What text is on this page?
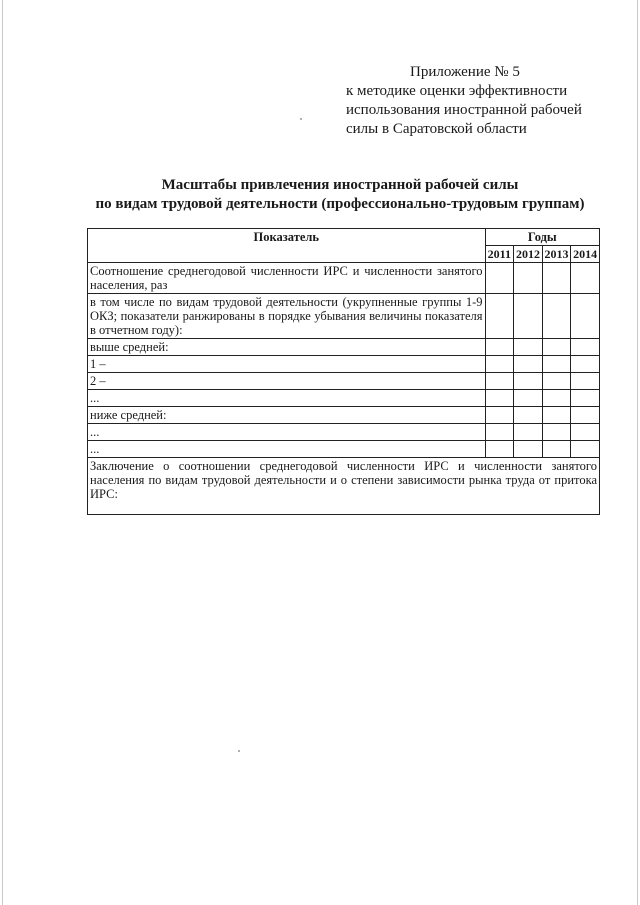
Приложение № 5
к методике оценки эффективности
использования иностранной рабочей
силы в Саратовской области
Масштабы привлечения иностранной рабочей силы
по видам трудовой деятельности (профессионально-трудовым группам)
Показатель	Годы			
	2011	2012	2013	2014
Соотношение среднегодовой численности ИРС и численности занятого населения, раз				
в том числе по видам трудовой деятельности (укрупненные группы 1-9 ОКЗ; показатели ранжированы в порядке убывания величины показателя в отчетном году):				
выше средней:				
1 –				
2 –				
...				
ниже средней:				
...				
...				
Заключение о соотношении среднегодовой численности ИРС и численности занятого населения по видам трудовой деятельности и о степени зависимости рынка труда от притока ИРС:				
